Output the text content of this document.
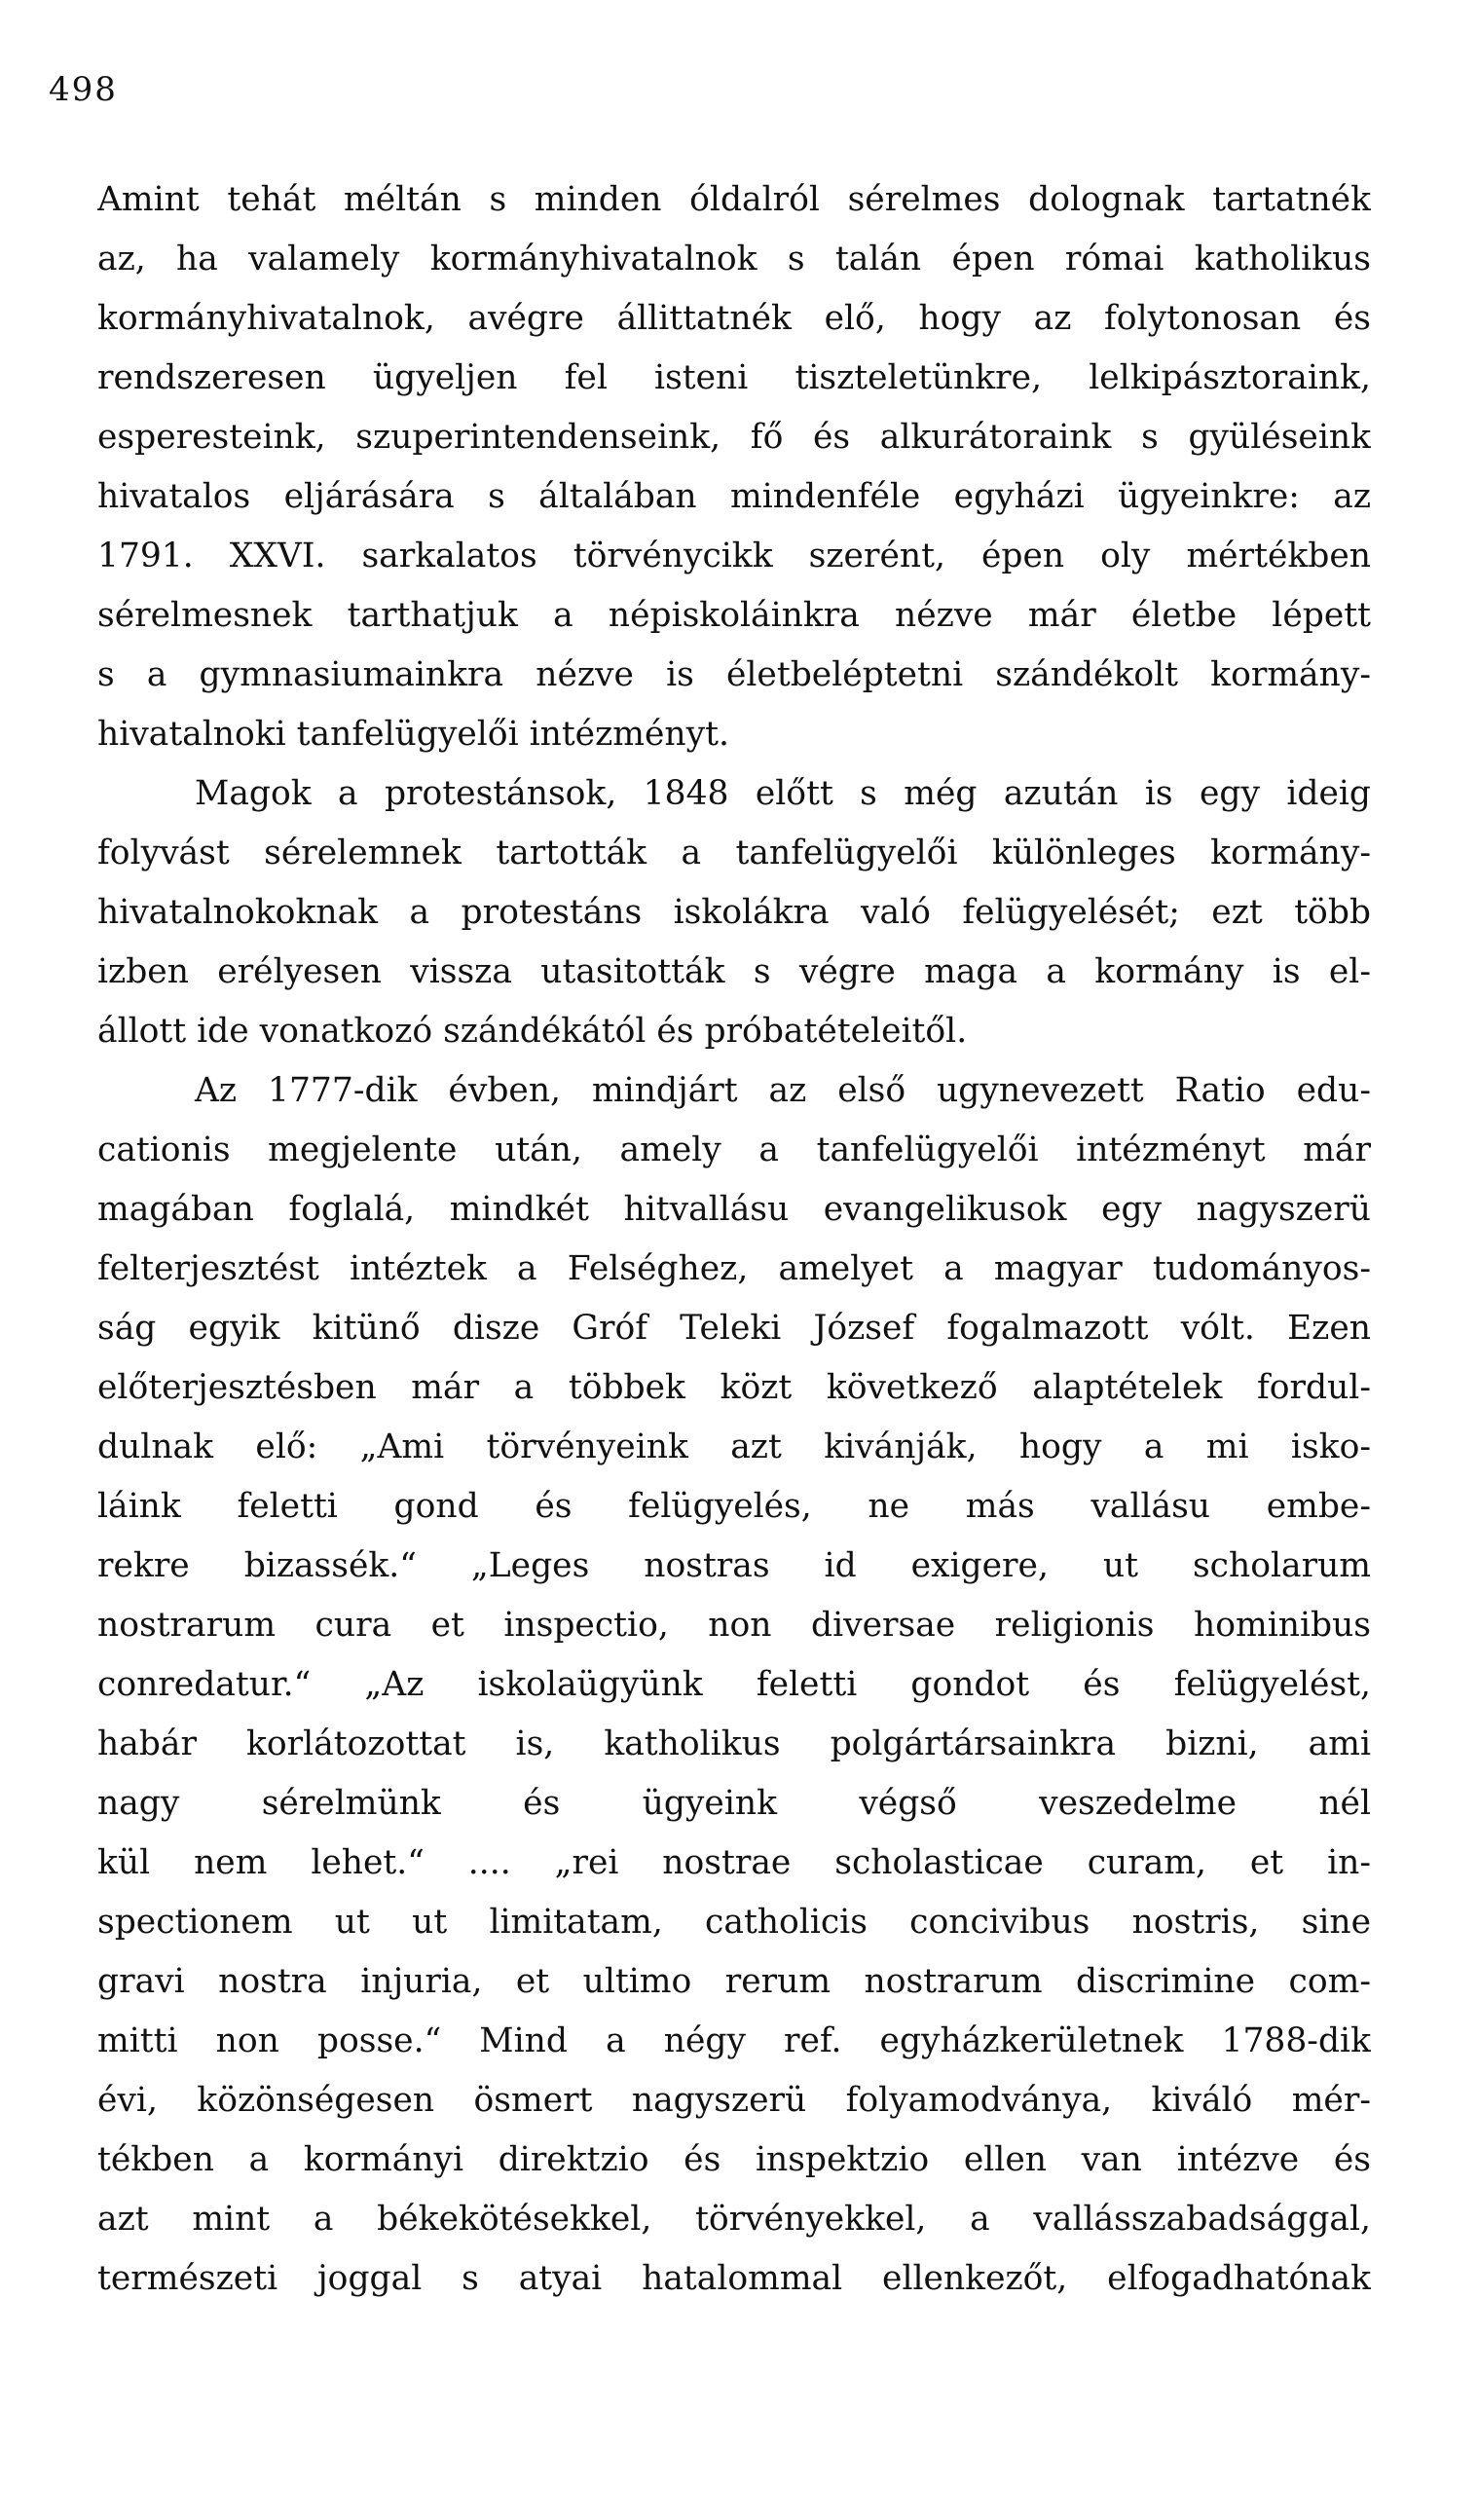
498
Amint tehát méltán s minden óldalról sérelmes dolognak tartatnék
az, ha valamely kormányhivatalnok s talán épen római katholikus
kormányhivatalnok, avégre állittatnék elő, hogy az folytonosan és
rendszeresen ügyeljen fel isteni tiszteletünkre, lelkipásztoraink,
esperesteink, szuperintendenseink, fő és alkurátoraink s gyüléseink
hivatalos eljárására s általában mindenféle egyházi ügyeinkre: az
1791. XXVI. sarkalatos törvénycikk szerént, épen oly mértékben
sérelmesnek tarthatjuk a népiskoláinkra nézve már életbe lépett
s a gymnasiumainkra nézve is életbeléptetni szándékolt kormány-
hivatalnoki tanfelügyelői intézményt.
Magok a protestánsok, 1848 előtt s még azután is egy ideig
folyvást sérelemnek tartották a tanfelügyelői különleges kormány-
hivatalnokoknak a protestáns iskolákra való felügyelését; ezt több
izben erélyesen vissza utasitották s végre maga a kormány is el-
állott ide vonatkozó szándékától és próbatételeitől.
Az 1777-dik évben, mindjárt az első ugynevezett Ratio edu-
cationis megjelente után, amely a tanfelügyelői intézményt már
magában foglalá, mindkét hitvallásu evangelikusok egy nagyszerü
felterjesztést intéztek a Felséghez, amelyet a magyar tudományos-
ság egyik kitünő disze Gróf Teleki József fogalmazott vólt. Ezen
előterjesztésben már a többek közt következő alaptételek fordul-
dulnak elő: „Ami törvényeink azt kivánják, hogy a mi isko-
láink feletti gond és felügyelés, ne más vallásu embe-
rekre bizassék.“ „Leges nostras id exigere, ut scholarum
nostrarum cura et inspectio, non diversae religionis hominibus
conredatur.“ „Az iskolaügyünk feletti gondot és felügyelést,
habár korlátozottat is, katholikus polgártársainkra bizni, ami
nagy sérelmünk és ügyeink végső veszedelme nél
kül nem lehet.“ .... „rei nostrae scholasticae curam, et in-
spectionem ut ut limitatam, catholicis concivibus nostris, sine
gravi nostra injuria, et ultimo rerum nostrarum discrimine com-
mitti non posse.“ Mind a négy ref. egyházkerületnek 1788-dik
évi, közönségesen ösmert nagyszerü folyamodványa, kiváló mér-
tékben a kormányi direktzio és inspektzio ellen van intézve és
azt mint a békekötésekkel, törvényekkel, a vallásszabadsággal,
természeti joggal s atyai hatalommal ellenkezőt, elfogadhatónak
